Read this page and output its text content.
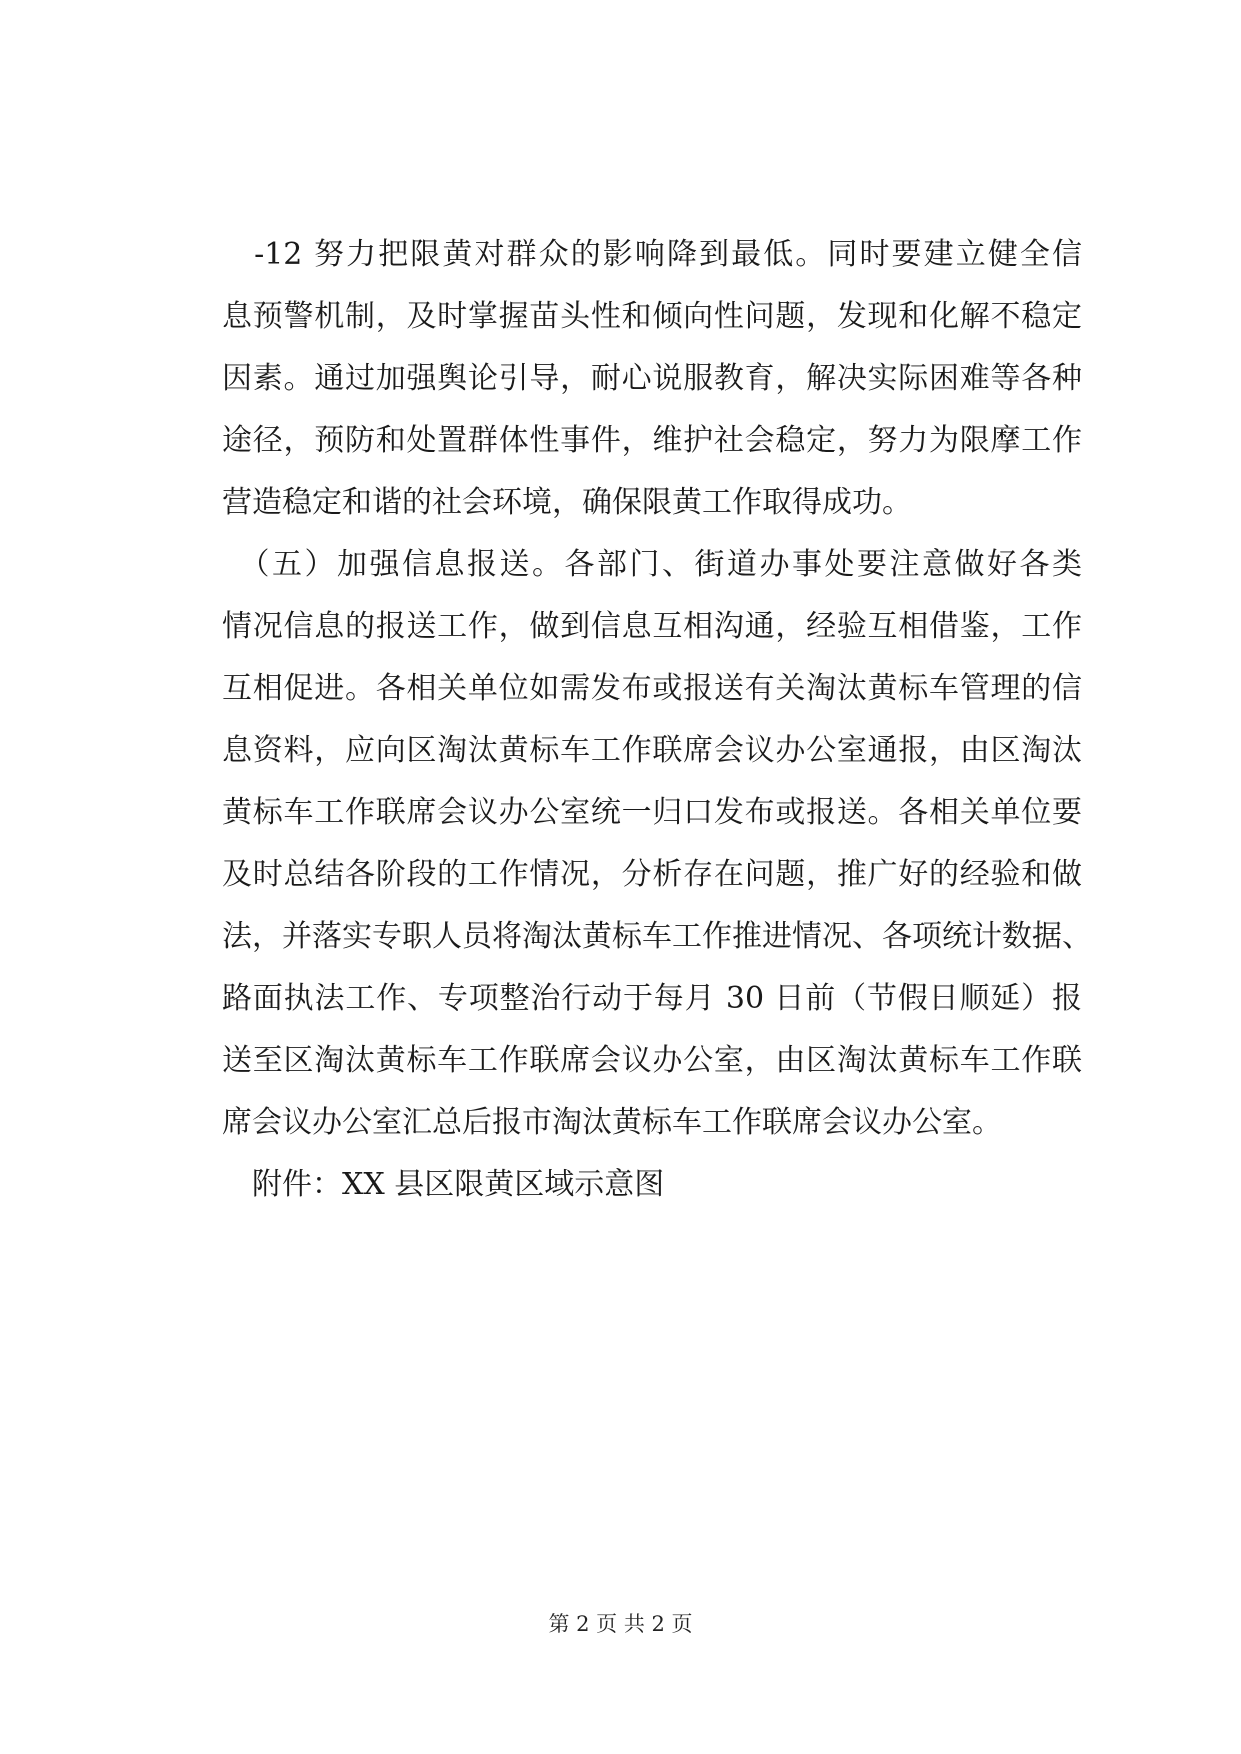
　-12 努力把限黄对群众的影响降到最低。同时要建立健全信
息预警机制，及时掌握苗头性和倾向性问题，发现和化解不稳定
因素。通过加强舆论引导，耐心说服教育，解决实际困难等各种
途径，预防和处置群体性事件，维护社会稳定，努力为限摩工作
营造稳定和谐的社会环境，确保限黄工作取得成功。
　（五）加强信息报送。各部门、街道办事处要注意做好各类
情况信息的报送工作，做到信息互相沟通，经验互相借鉴，工作
互相促进。各相关单位如需发布或报送有关淘汰黄标车管理的信
息资料，应向区淘汰黄标车工作联席会议办公室通报，由区淘汰
黄标车工作联席会议办公室统一归口发布或报送。各相关单位要
及时总结各阶段的工作情况，分析存在问题，推广好的经验和做
法，并落实专职人员将淘汰黄标车工作推进情况、各项统计数据、
路面执法工作、专项整治行动于每月 30 日前（节假日顺延）报
送至区淘汰黄标车工作联席会议办公室，由区淘汰黄标车工作联
席会议办公室汇总后报市淘汰黄标车工作联席会议办公室。
　附件：XX 县区限黄区域示意图
第 2 页 共 2 页
